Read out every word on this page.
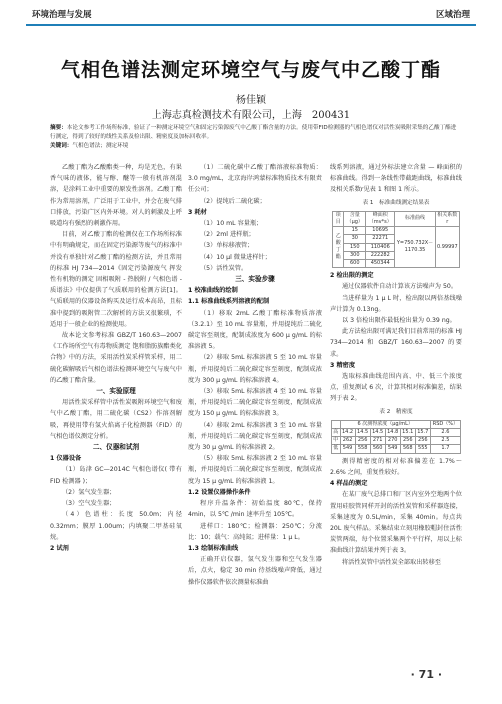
环境治理与发展	区域治理
气相色谱法测定环境空气与废气中乙酸丁酯
杨佳颖
上海志真检测技术有限公司，上海　200431
摘要：本论文参考工作场所标准，验证了一种测定环境空气和固定污染源废气中乙酸丁酯含量的方法。使用带FID检测器的气相色谱仪对活性炭吸附采集的乙酸丁酯进行测定，得到了较好的线性关系及检出限、精密度及加标回收率。
关键词：气相色谱法；测定环境

乙酸丁酯为乙酸酯类一种，均是无色，有果香气味的液体，能与醇、醚等一般有机溶剂混溶，是涂料工业中重要的原发性溶剂。乙酸丁酯作为常用溶剂，广泛用于工业中，并会在废气排口排放，污染广区内外环境。对人的刺激及上呼吸道均有强烈的刺激作用。

目前，对乙酸丁酯的检测仅在工作场所标准中有明确规定，而在固定污染源等废气的标准中并没有单独针对乙酸丁酯的检测方法，并且常用的标准 HJ 734—2014《固定污染源废气 挥发性有机物的测定 固相吸附 - 热脱附 / 气相色谱 - 质谱法》中仅提供了气质联用的检测方法[1]。气质联用的仪器设备购买及运行成本高昂，且标准中提到的吸附管二次解析的方法又很繁琐，不适用于一般企业的检测使用。

故本论文参考标准 GBZ/T 160.63—2007《工作场所空气有毒物质测定 饱和脂肪族酯类化合物》中的方法，采用活性炭采样管采样，用二硫化碳解吸后气相色谱法检测环境空气与废气中的乙酸丁酯含量。

一、实验原理

用活性炭采样管中活性炭吸附环境空气和废气中乙酸丁酯，用二硫化碳（CS2）作溶剂解吸，再使用带有氢火焰离子化检测器（FID）的气相色谱仪测定分析。

二、仪器和试剂

1 仪器设备

（1）岛津 GC—2014C 气相色谱仪( 带有 FID 检测器 )；

（2）氢气发生器；

（3）空气发生器；

（4）色谱柱：长度 50.0m；内径 0.32mm；膜厚 1.00um；内填聚二甲基硅氧烷。

2 试剂

（1）二硫化碳中乙酸丁酯溶液标准物质：3.0 mg/mL，北京海岸鸿蒙标准物质技术有限责任公司；

（2）提纯后二硫化碳；

3 耗材

（1）10 mL 容量瓶；

（2）2ml 进样瓶；

（3）单标移液管；

（4）10 μl 微量进样针；

（5）活性炭管。

三、实验步骤

1 校准曲线的绘制

1.1 标准曲线系列溶液的配制

（1）移取 2mL 乙酸丁酯标准物质溶液（3.2.1）至 10 mL 容量瓶，并用提纯后二硫化碳定容至刻度，配制成浓度为 600 μ g/mL 的标准溶液 5。

（2）移取 5mL 标准溶液 5 至 10 mL 容量瓶，并用提纯后二硫化碳定容至刻度，配制成浓度为 300 μ g/mL 的标准溶液 4。

（3）移取 5mL 标准溶液 4 至 10 mL 容量瓶，并用提纯后二硫化碳定容至刻度，配制成浓度为 150 μ g/mL 的标准溶液 3。

（4）移取 2mL 标准溶液 3 至 10 mL 容量瓶，并用提纯后二硫化碳定容至刻度，配制成浓度为 30 μ g/mL 的标准溶液 2。

（5）移取 5mL 标准溶液 2 至 10 mL 容量瓶，并用提纯后二硫化碳定容至刻度，配制成浓度为 15 μ g/mL 的标准溶液 1。

1.2 设置仪器操作条件

程序升温条件：初始温度 80℃，保持 4min，以 5℃ /min 速率升至 105℃。

进样口：180℃；检测器：250℃；分流比：10；载气：高纯氮；进样量：1 μ L。

1.3 绘制标准曲线

正确开启仪器，氢气发生器和空气发生器后，点火，稳定 30 min 待基线噪声降低，通过操作仪器软件依次测量标准曲

线系列溶液，通过外标法建立含量 — 峰面积的标准曲线。得到一条线性带截距曲线，标准曲线及相关系数r见表 1 和图 1 所示。

表 1　标准曲线测定结果表

项目	含量（μg）	峰面积（mv*s）	标准曲线	相关系数 r
乙酸丁酯	15	10695	Y=750.732X－1170.35	0.99997
	30	22271		
	150	110406		
	300	222282		
	600	450344		

2 检出限的测定

通过仪器软件自动计算该方法噪声为 50。

当进样量为 1 μ L 时，检出限以两倍基线噪声计算为 0.13ng。

以 3 倍检出限作最低检出量为 0.39 ng。

此方法检出限可满足我们目前常用的标准 HJ 734—2014 和 GBZ/T 160.63—2007 的要求。

3 精密度

选取标准曲线范围内高、中、低三个浓度点，重复测试 6 次，计算其相对标准偏差，结果列于表 2。

表 2　精密度

	6 次测得浓度（μg/mL）						RSD（%）
高	14.2	14.5	14.5	14.8	15.1	15.7	2.6
中	262	256	271	270	256	256	2.5
低	549	558	560	549	568	555	1.7

测得精密度的相对标准偏差在 1.7%～2.6% 之间，重复性较好。

4 样品的测定

在某厂废气总排口和厂区内室外空地两个位置用硅胶管同样开封的活性炭管和采样器连接，采集速度为 0.5L/min，采集 40min。每点共 20L 废气样品。采集结束立刻用橡胶帽封住活性炭管两端，每个位置采集两个平行样，用以上标准曲线计算结果并列于表 3。

将活性炭管中活性炭全部取出转移至

· 71 ·
